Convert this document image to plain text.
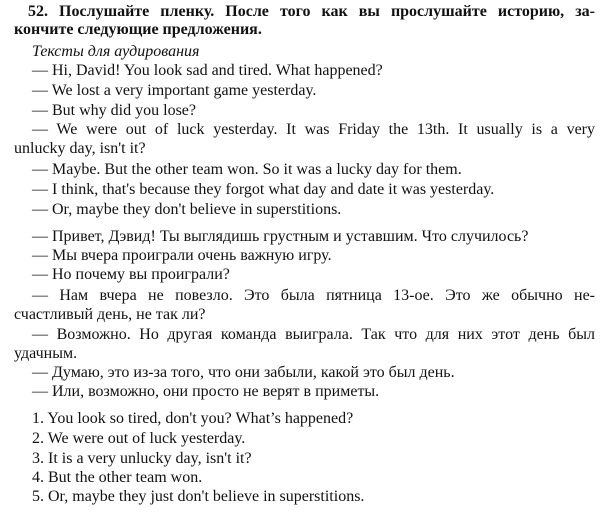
52. Послушайте пленку. После того как вы прослушайте историю, за-
кончите следующие предложения.
Тексты для аудирования
— Hi, David! You look sad and tired. What happened?
— We lost a very important game yesterday.
— But why did you lose?
— We were out of luck yesterday. It was Friday the 13th. It usually is a very
unlucky day, isn't it?
— Maybe. But the other team won. So it was a lucky day for them.
— I think, that's because they forgot what day and date it was yesterday.
— Or, maybe they don't believe in superstitions.
— Привет, Дэвид! Ты выглядишь грустным и уставшим. Что случилось?
— Мы вчера проиграли очень важную игру.
— Но почему вы проиграли?
— Нам вчера не повезло. Это была пятница 13-ое. Это же обычно не-
счастливый день, не так ли?
— Возможно. Но другая команда выиграла. Так что для них этот день был
удачным.
— Думаю, это из-за того, что они забыли, какой это был день.
— Или, возможно, они просто не верят в приметы.
1. You look so tired, don't you? What’s happened?
2. We were out of luck yesterday.
3. It is a very unlucky day, isn't it?
4. But the other team won.
5. Or, maybe they just don't believe in superstitions.
